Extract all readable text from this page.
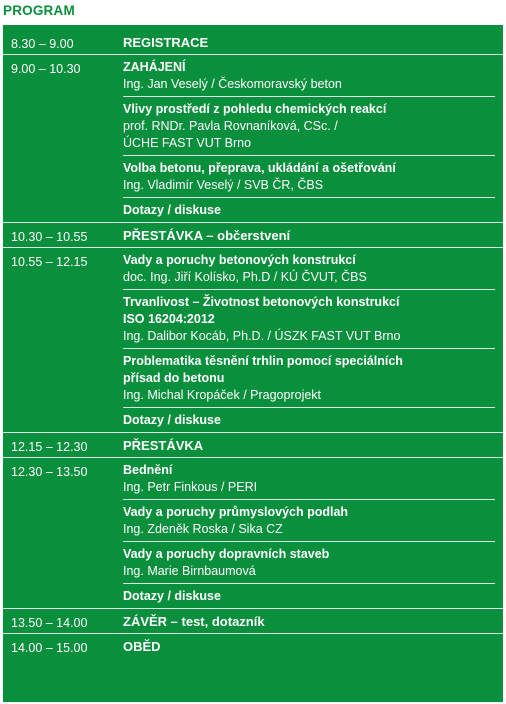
PROGRAM
8.30 – 9.00	REGISTRACE
9.00 – 10.30	ZAHÁJENÍ
Ing. Jan Veselý / Českomoravský beton
Vlivy prostředí z pohledu chemických reakcí
prof. RNDr. Pavla Rovnaníková, CSc. /
ÚCHE FAST VUT Brno
Volba betonu, přeprava, ukládání a ošetřování
Ing. Vladimír Veselý / SVB ČR, ČBS
Dotazy / diskuse
10.30 – 10.55	PŘESTÁVKA – občerstvení
10.55 – 12.15	Vady a poruchy betonových konstrukcí
doc. Ing. Jiří Kolísko, Ph.D / KÚ ČVUT, ČBS
Trvanlivost – Životnost betonových konstrukcí
ISO 16204:2012
Ing. Dalibor Kocáb, Ph.D. / ÚSZK FAST VUT Brno
Problematika těsnění trhlin pomocí speciálních
přísad do betonu
Ing. Michal Kropáček / Pragoprojekt
Dotazy / diskuse
12.15 – 12.30	PŘESTÁVKA
12.30 – 13.50	Bednění
Ing. Petr Finkous / PERI
Vady a poruchy průmyslových podlah
Ing. Zdeněk Roska / Sika CZ
Vady a poruchy dopravních staveb
Ing. Marie Birnbaumová
Dotazy / diskuse
13.50 – 14.00	ZÁVĚR – test, dotazník
14.00 – 15.00	OBĚD
